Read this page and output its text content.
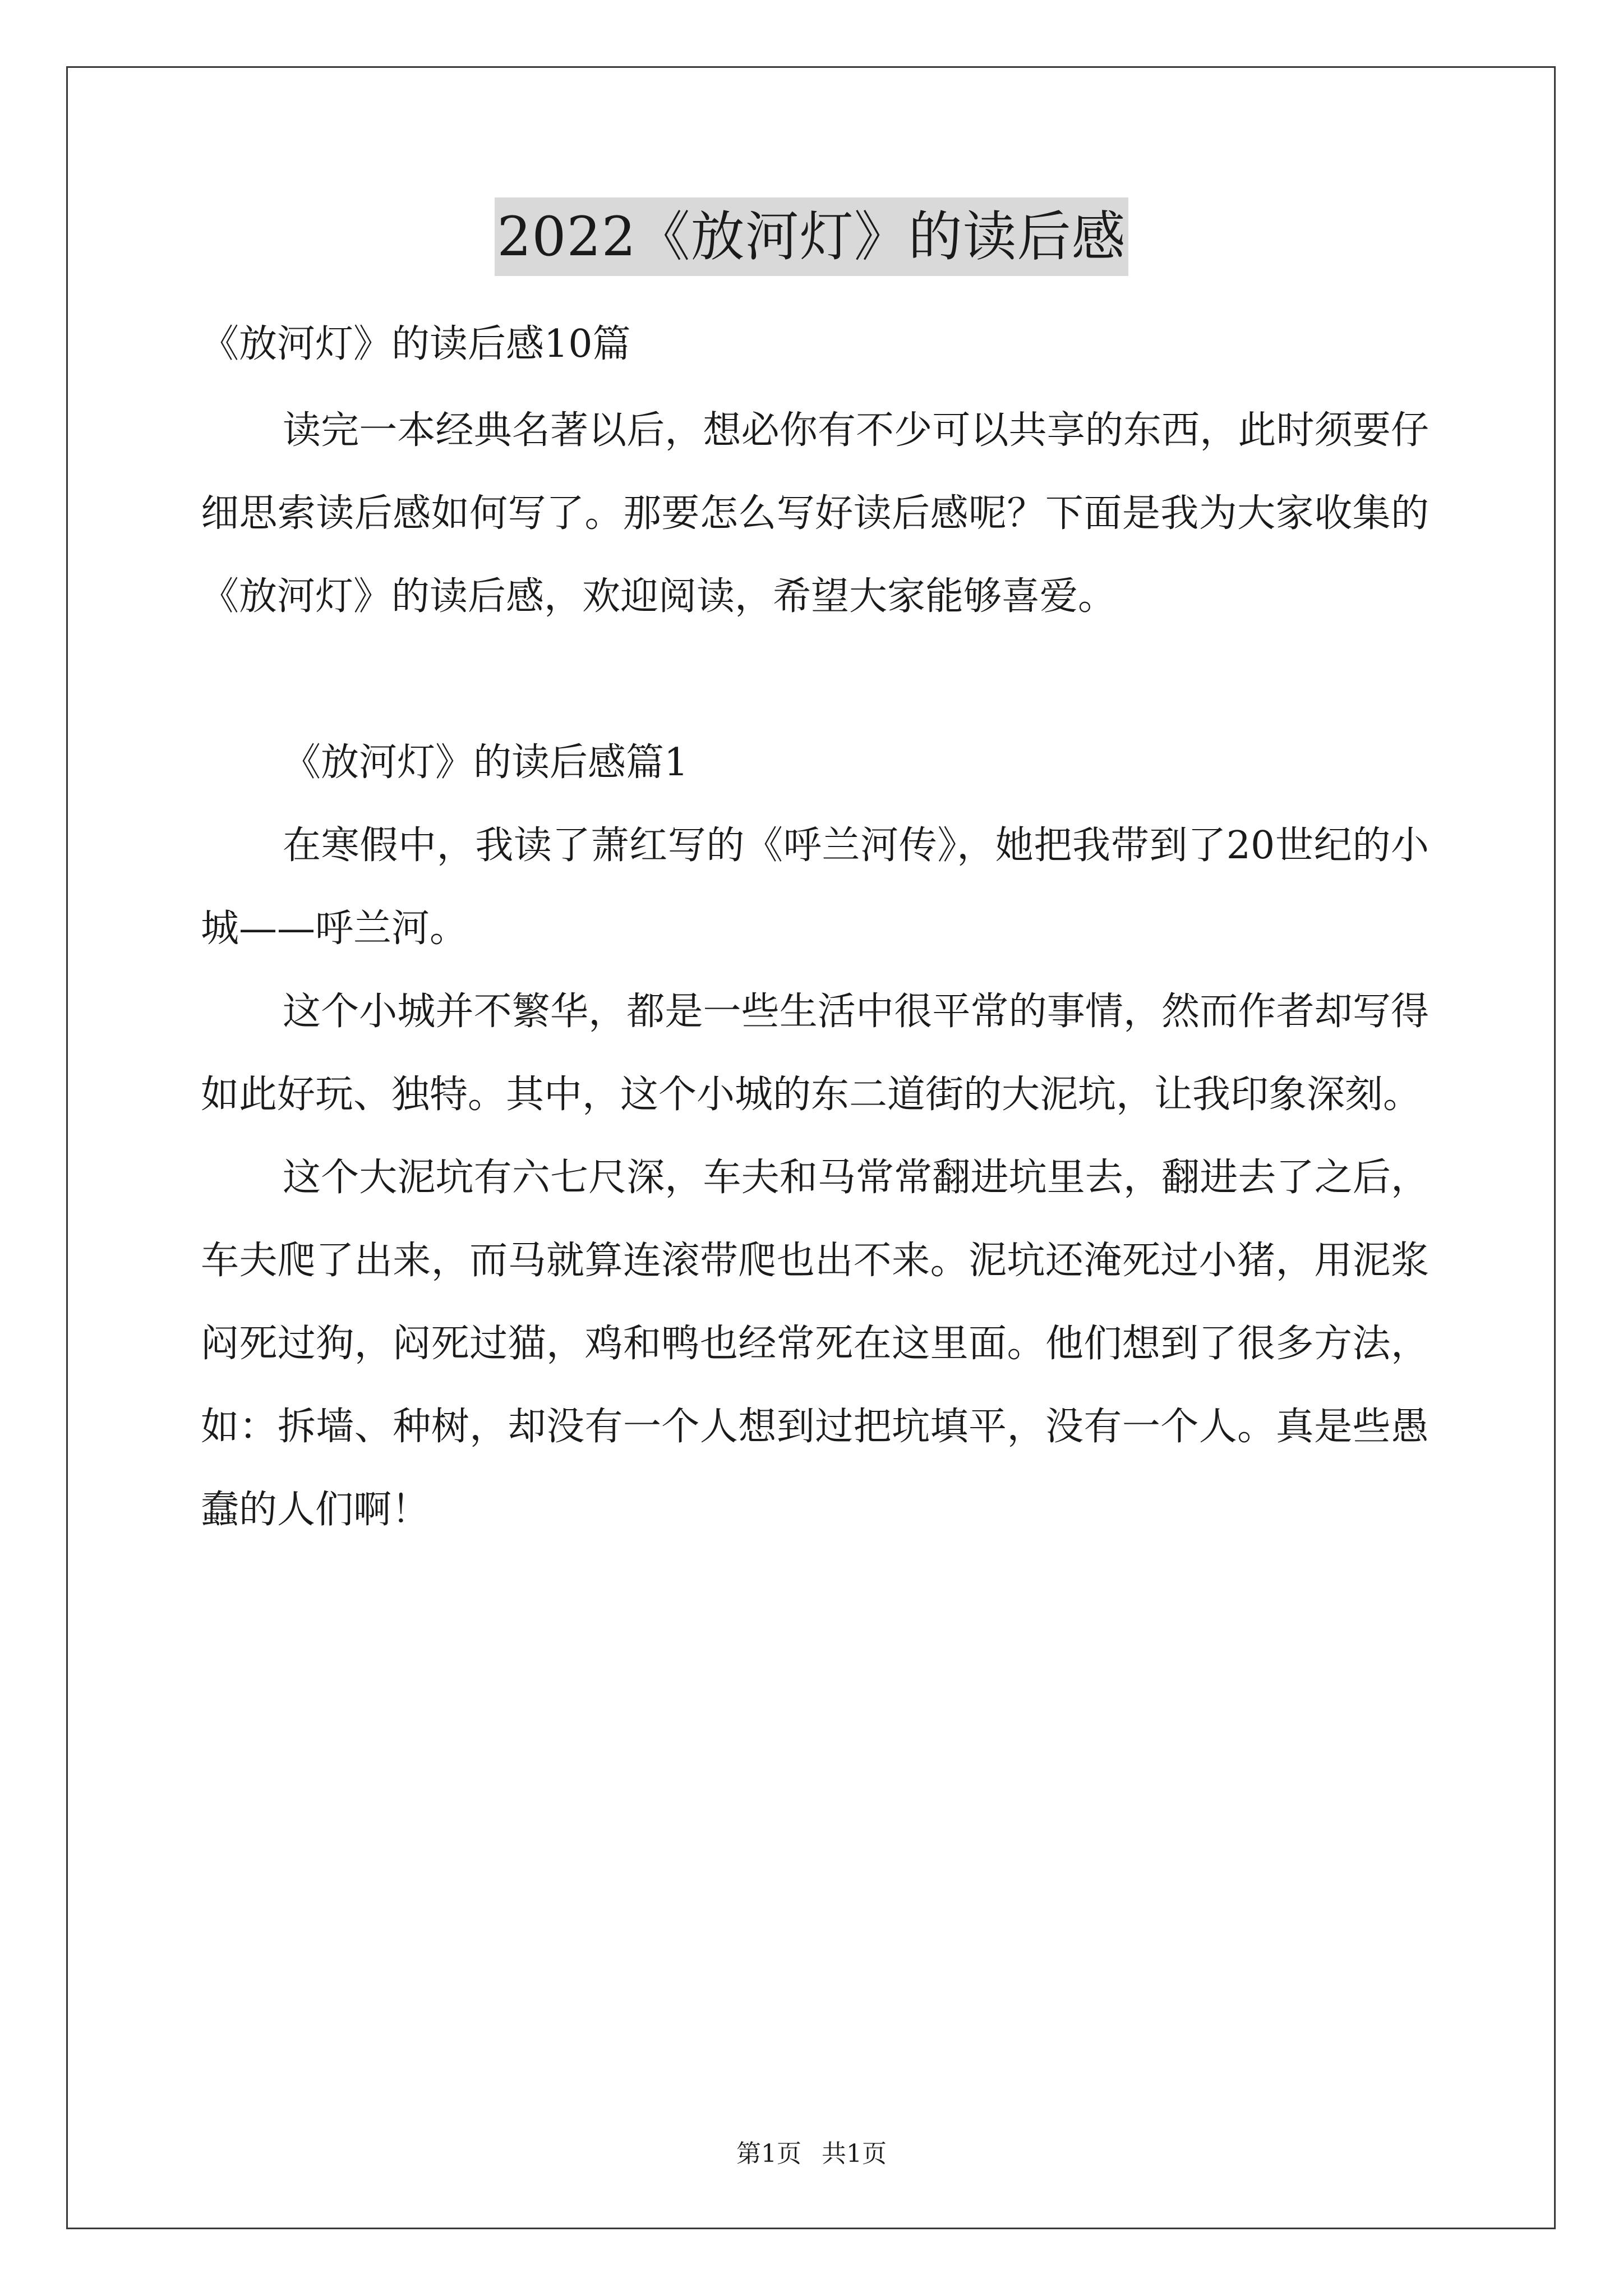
2022《放河灯》的读后感

《放河灯》的读后感10篇

读完一本经典名著以后，想必你有不少可以共享的东西，此时须要仔细思索读后感如何写了。那要怎么写好读后感呢？下面是我为大家收集的《放河灯》的读后感，欢迎阅读，希望大家能够喜爱。

《放河灯》的读后感篇1

在寒假中，我读了萧红写的《呼兰河传》，她把我带到了20世纪的小城——呼兰河。

这个小城并不繁华，都是一些生活中很平常的事情，然而作者却写得如此好玩、独特。其中，这个小城的东二道街的大泥坑，让我印象深刻。

这个大泥坑有六七尺深，车夫和马常常翻进坑里去，翻进去了之后，车夫爬了出来，而马就算连滚带爬也出不来。泥坑还淹死过小猪，用泥浆闷死过狗，闷死过猫，鸡和鸭也经常死在这里面。他们想到了很多方法，如：拆墙、种树，却没有一个人想到过把坑填平，没有一个人。真是些愚蠢的人们啊！

第1页 共1页
